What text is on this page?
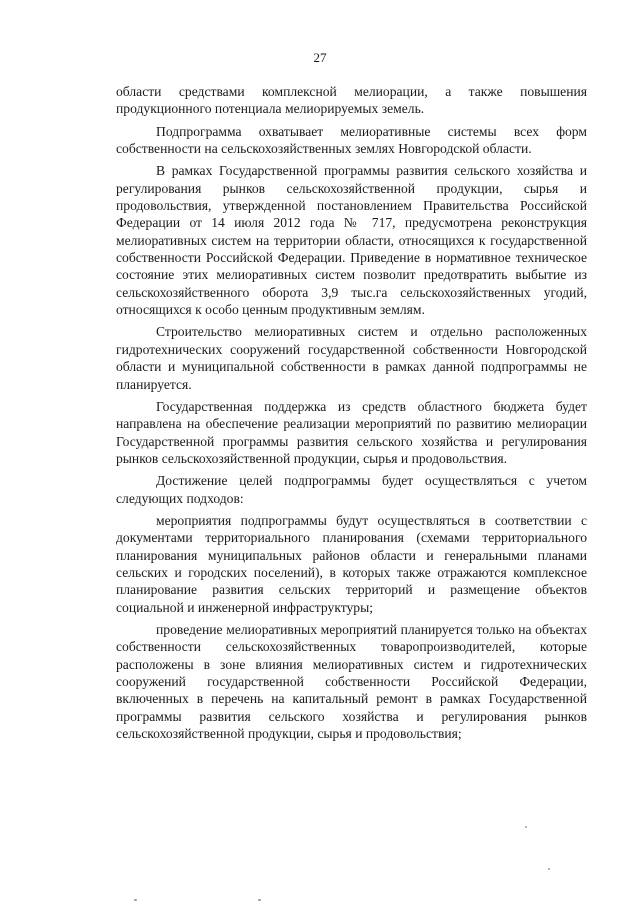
27

области средствами комплексной мелиорации, а также повышения продукционного потенциала мелиорируемых земель.

Подпрограмма охватывает мелиоративные системы всех форм собственности на сельскохозяйственных землях Новгородской области.

В рамках Государственной программы развития сельского хозяйства и регулирования рынков сельскохозяйственной продукции, сырья и продовольствия, утвержденной постановлением Правительства Российской Федерации от 14 июля 2012 года № 717, предусмотрена реконструкция мелиоративных систем на территории области, относящихся к государственной собственности Российской Федерации. Приведение в нормативное техническое состояние этих мелиоративных систем позволит предотвратить выбытие из сельскохозяйственного оборота 3,9 тыс.га сельскохозяйственных угодий, относящихся к особо ценным продуктивным землям.

Строительство мелиоративных систем и отдельно расположенных гидротехнических сооружений государственной собственности Новгородской области и муниципальной собственности в рамках данной подпрограммы не планируется.

Государственная поддержка из средств областного бюджета будет направлена на обеспечение реализации мероприятий по развитию мелиорации Государственной программы развития сельского хозяйства и регулирования рынков сельскохозяйственной продукции, сырья и продовольствия.

Достижение целей подпрограммы будет осуществляться с учетом следующих подходов:

мероприятия подпрограммы будут осуществляться в соответствии с документами территориального планирования (схемами территориального планирования муниципальных районов области и генеральными планами сельских и городских поселений), в которых также отражаются комплексное планирование развития сельских территорий и размещение объектов социальной и инженерной инфраструктуры;

проведение мелиоративных мероприятий планируется только на объектах собственности сельскохозяйственных товаропроизводителей, которые расположены в зоне влияния мелиоративных систем и гидротехнических сооружений государственной собственности Российской Федерации, включенных в перечень на капитальный ремонт в рамках Государственной программы развития сельского хозяйства и регулирования рынков сельскохозяйственной продукции, сырья и продовольствия;
